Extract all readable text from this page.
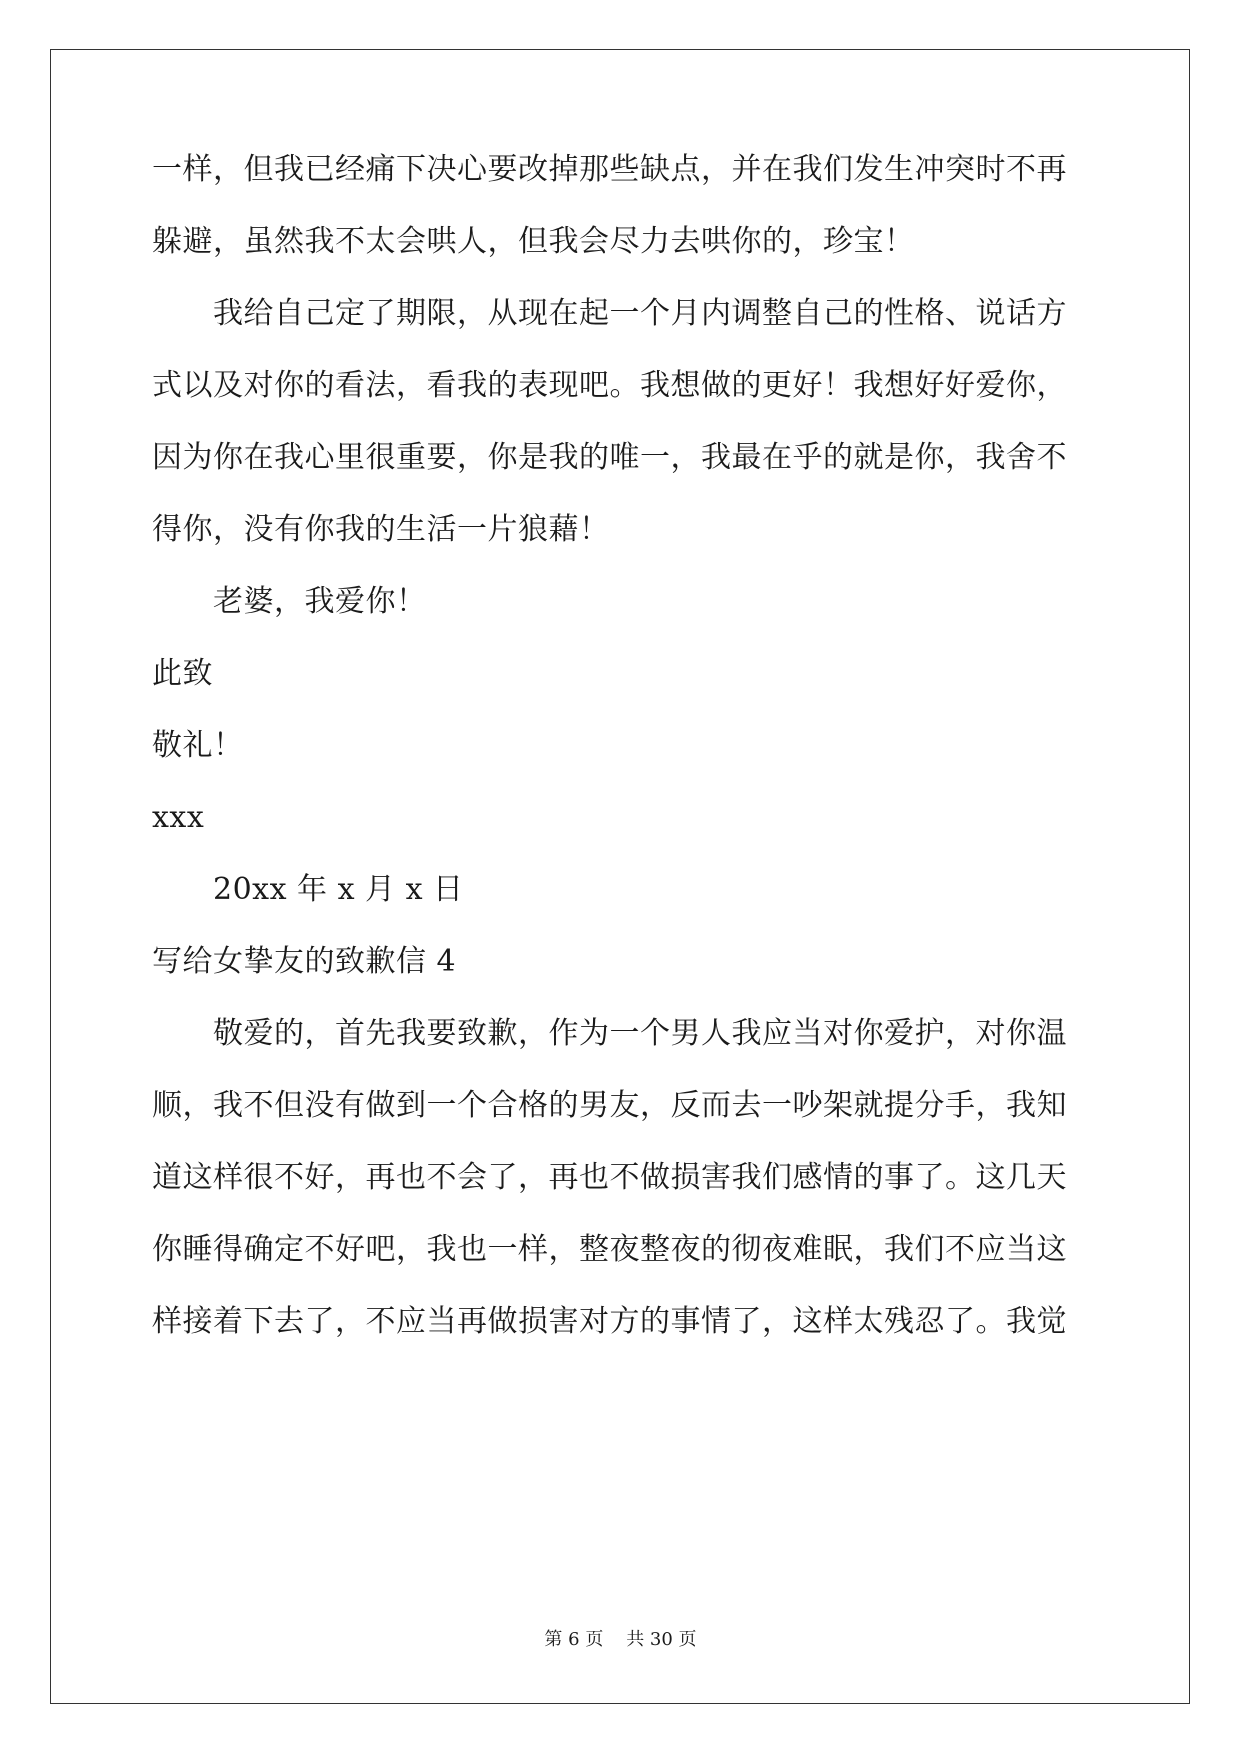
一样，但我已经痛下决心要改掉那些缺点，并在我们发生冲突时不再
躲避，虽然我不太会哄人，但我会尽力去哄你的，珍宝！
我给自己定了期限，从现在起一个月内调整自己的性格、说话方
式以及对你的看法，看我的表现吧。我想做的更好！我想好好爱你，
因为你在我心里很重要，你是我的唯一，我最在乎的就是你，我舍不
得你，没有你我的生活一片狼藉！
老婆，我爱你！
此致
敬礼！
xxx
20xx 年 x 月 x 日
写给女挚友的致歉信 4
敬爱的，首先我要致歉，作为一个男人我应当对你爱护，对你温
顺，我不但没有做到一个合格的男友，反而去一吵架就提分手，我知
道这样很不好，再也不会了，再也不做损害我们感情的事了。这几天
你睡得确定不好吧，我也一样，整夜整夜的彻夜难眠，我们不应当这
样接着下去了，不应当再做损害对方的事情了，这样太残忍了。我觉
第 6 页    共 30 页
